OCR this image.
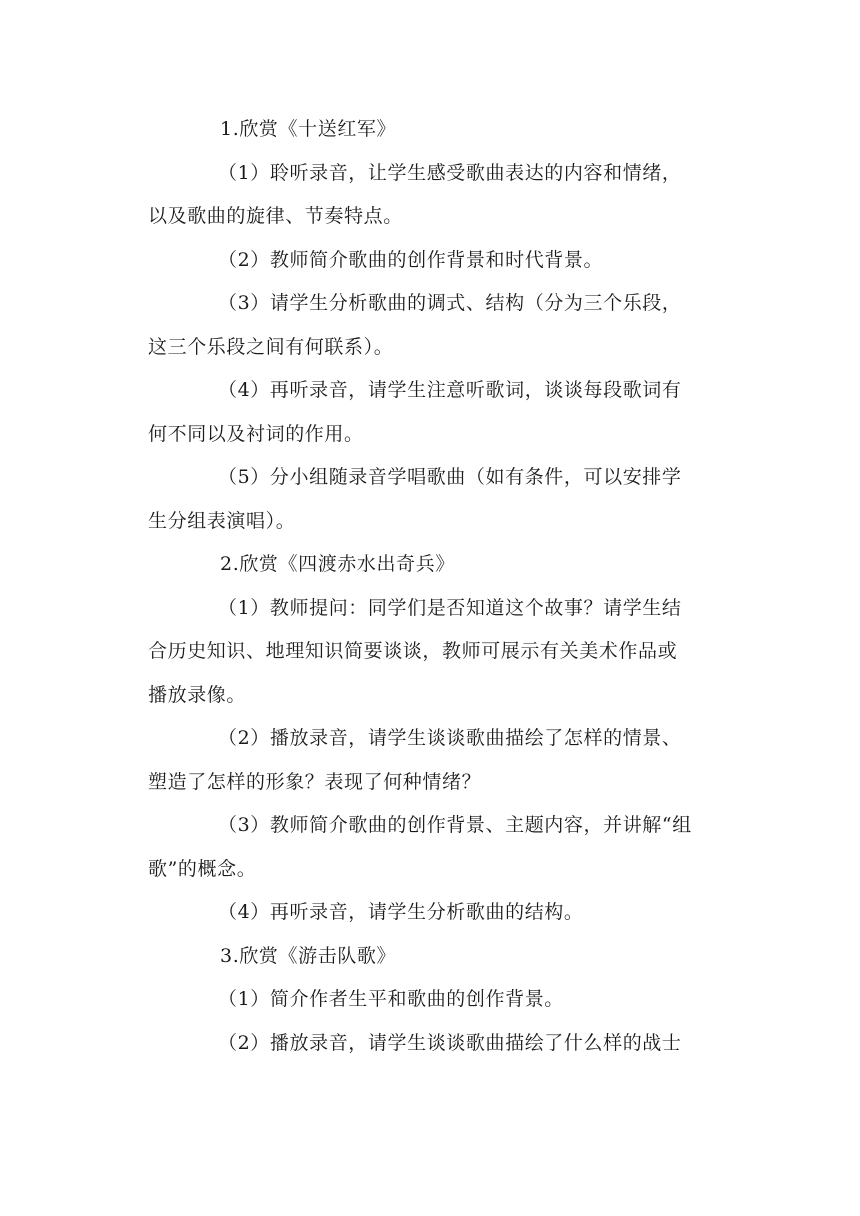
1.欣赏《十送红军》
（1）聆听录音，让学生感受歌曲表达的内容和情绪，
以及歌曲的旋律、节奏特点。
（2）教师简介歌曲的创作背景和时代背景。
（3）请学生分析歌曲的调式、结构（分为三个乐段，
这三个乐段之间有何联系）。
（4）再听录音，请学生注意听歌词，谈谈每段歌词有
何不同以及衬词的作用。
（5）分小组随录音学唱歌曲（如有条件，可以安排学
生分组表演唱）。
2.欣赏《四渡赤水出奇兵》
（1）教师提问：同学们是否知道这个故事？请学生结
合历史知识、地理知识简要谈谈，教师可展示有关美术作品或
播放录像。
（2）播放录音，请学生谈谈歌曲描绘了怎样的情景、
塑造了怎样的形象？表现了何种情绪？
（3）教师简介歌曲的创作背景、主题内容，并讲解“组
歌”的概念。
（4）再听录音，请学生分析歌曲的结构。
3.欣赏《游击队歌》
（1）简介作者生平和歌曲的创作背景。
（2）播放录音，请学生谈谈歌曲描绘了什么样的战士
